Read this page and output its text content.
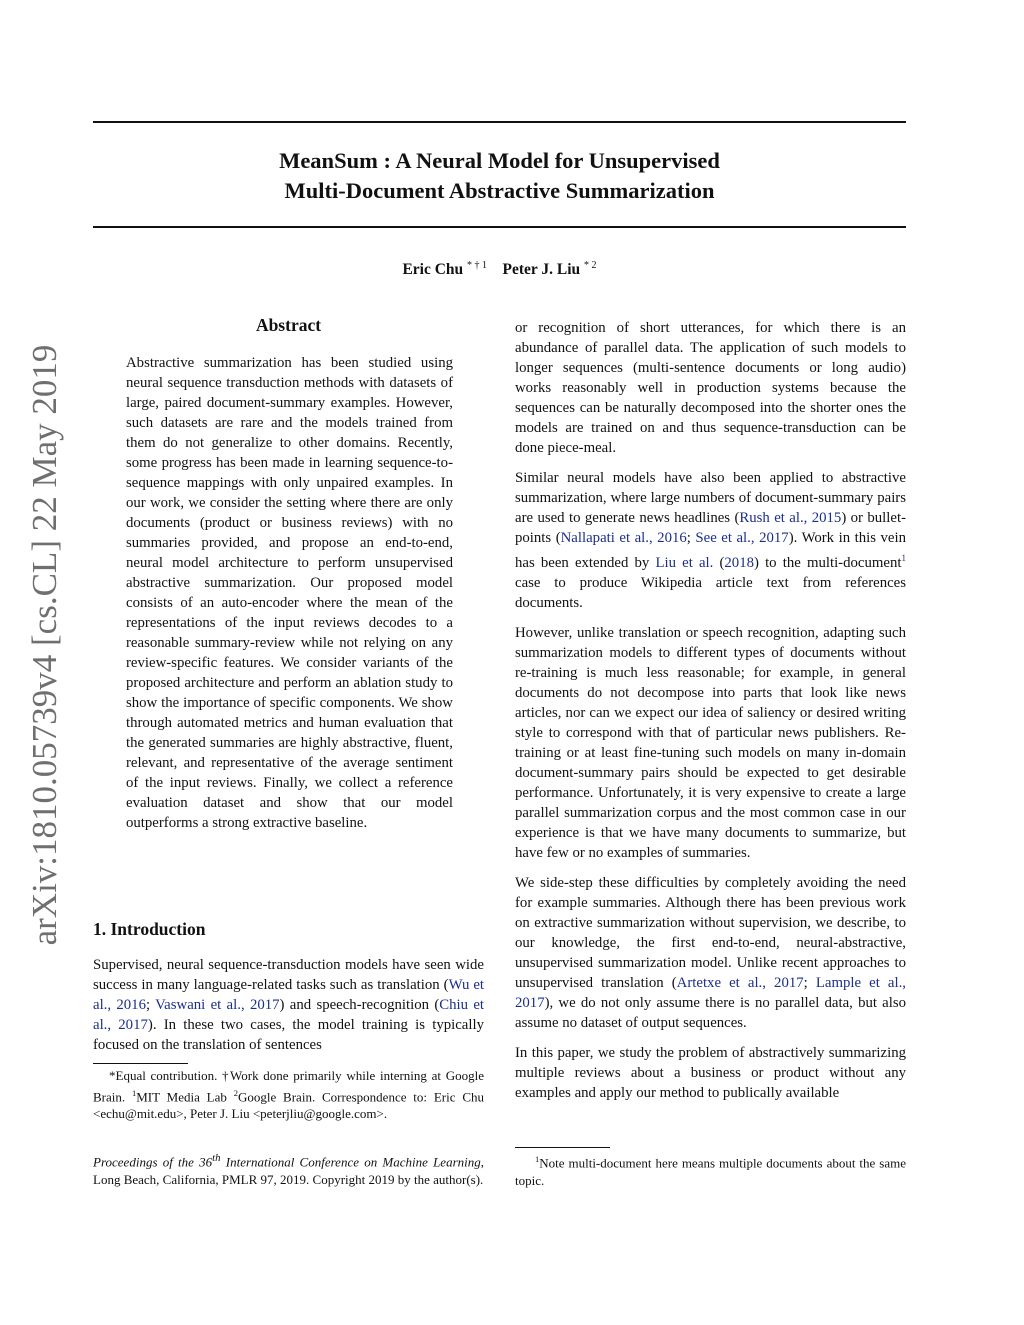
MeanSum : A Neural Model for Unsupervised
Multi-Document Abstractive Summarization
Eric Chu $^{* \dagger 1}$ Peter J. Liu $^{* 2}$
arXiv:1810.05739v4 [cs.CL] 22 May 2019
Abstract
Abstractive summarization has been studied using neural sequence transduction methods with datasets of large, paired document-summary examples. However, such datasets are rare and the models trained from them do not generalize to other domains. Recently, some progress has been made in learning sequence-to-sequence mappings with only unpaired examples. In our work, we consider the setting where there are only documents (product or business reviews) with no summaries provided, and propose an end-to-end, neural model architecture to perform unsupervised abstractive summarization. Our proposed model consists of an auto-encoder where the mean of the representations of the input reviews decodes to a reasonable summary-review while not relying on any review-specific features. We consider variants of the proposed architecture and perform an ablation study to show the importance of specific components. We show through automated metrics and human evaluation that the generated summaries are highly abstractive, fluent, relevant, and representative of the average sentiment of the input reviews. Finally, we collect a reference evaluation dataset and show that our model outperforms a strong extractive baseline.
1. Introduction
Supervised, neural sequence-transduction models have seen wide success in many language-related tasks such as translation (Wu et al., 2016; Vaswani et al., 2017) and speech-recognition (Chiu et al., 2017). In these two cases, the model training is typically focused on the translation of sentences
*Equal contribution. †Work done primarily while interning at Google Brain. $^1$MIT Media Lab $^2$Google Brain. Correspondence to: Eric Chu <echu@mit.edu>, Peter J. Liu <peterjliu@google.com>.
Proceedings of the 36th International Conference on Machine Learning, Long Beach, California, PMLR 97, 2019. Copyright 2019 by the author(s).

or recognition of short utterances, for which there is an abundance of parallel data. The application of such models to longer sequences (multi-sentence documents or long audio) works reasonably well in production systems because the sequences can be naturally decomposed into the shorter ones the models are trained on and thus sequence-transduction can be done piece-meal.

Similar neural models have also been applied to abstractive summarization, where large numbers of document-summary pairs are used to generate news headlines (Rush et al., 2015) or bullet-points (Nallapati et al., 2016; See et al., 2017). Work in this vein has been extended by Liu et al. (2018) to the multi-document$^1$ case to produce Wikipedia article text from references documents.

However, unlike translation or speech recognition, adapting such summarization models to different types of documents without re-training is much less reasonable; for example, in general documents do not decompose into parts that look like news articles, nor can we expect our idea of saliency or desired writing style to correspond with that of particular news publishers. Re-training or at least fine-tuning such models on many in-domain document-summary pairs should be expected to get desirable performance. Unfortunately, it is very expensive to create a large parallel summarization corpus and the most common case in our experience is that we have many documents to summarize, but have few or no examples of summaries.

We side-step these difficulties by completely avoiding the need for example summaries. Although there has been previous work on extractive summarization without supervision, we describe, to our knowledge, the first end-to-end, neural-abstractive, unsupervised summarization model. Unlike recent approaches to unsupervised translation (Artetxe et al., 2017; Lample et al., 2017), we do not only assume there is no parallel data, but also assume no dataset of output sequences.

In this paper, we study the problem of abstractively summarizing multiple reviews about a business or product without any examples and apply our method to publically available

$^1$Note multi-document here means multiple documents about the same topic.
